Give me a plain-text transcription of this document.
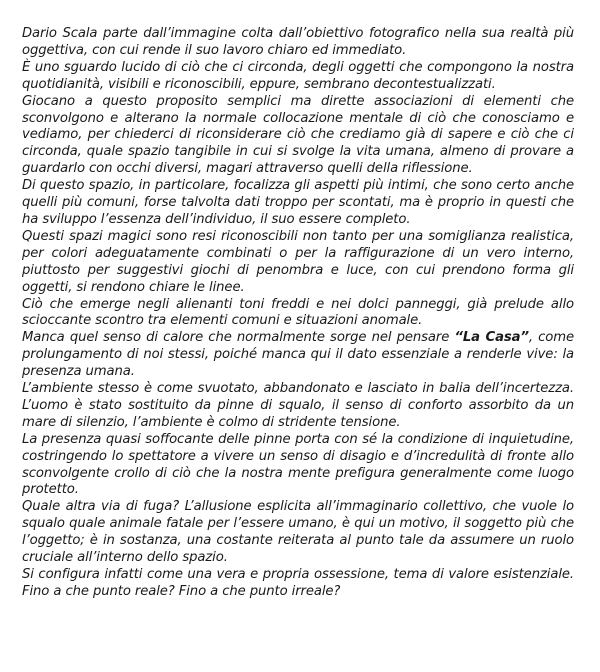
Dario Scala parte dall’immagine colta dall’obiettivo fotografico nella sua realtà più oggettiva, con cui rende il suo lavoro chiaro ed immediato.

È uno sguardo lucido di ciò che ci circonda, degli oggetti che compongono la nostra quotidianità, visibili e riconoscibili, eppure, sembrano decontestualizzati.

Giocano a questo proposito semplici ma dirette associazioni di elementi che sconvolgono e alterano la normale collocazione mentale di ciò che conosciamo e vediamo, per chiederci di riconsiderare ciò che crediamo già di sapere e ciò che ci circonda, quale spazio tangibile in cui si svolge la vita umana, almeno di provare a guardarlo con occhi diversi, magari attraverso quelli della riflessione.

Di questo spazio, in particolare, focalizza gli aspetti più intimi, che sono certo anche quelli più comuni, forse talvolta dati troppo per scontati, ma è proprio in questi che ha sviluppo l’essenza dell’individuo, il suo essere completo.

Questi spazi magici sono resi riconoscibili non tanto per una somiglianza realistica, per colori adeguatamente combinati o per la raffigurazione di un vero interno, piuttosto per suggestivi giochi di penombra e luce, con cui prendono forma gli oggetti, si rendono chiare le linee.

Ciò che emerge negli alienanti toni freddi e nei dolci panneggi, già prelude allo scioccante scontro tra elementi comuni e situazioni anomale.

Manca quel senso di calore che normalmente sorge nel pensare “La Casa”, come prolungamento di noi stessi, poiché manca qui il dato essenziale a renderle vive: la presenza umana.

L’ambiente stesso è come svuotato, abbandonato e lasciato in balia dell’incertezza. L’uomo è stato sostituito da pinne di squalo, il senso di conforto assorbito da un mare di silenzio, l’ambiente è colmo di stridente tensione.

La presenza quasi soffocante delle pinne porta con sé la condizione di inquietudine, costringendo lo spettatore a vivere un senso di disagio e d’incredulità di fronte allo sconvolgente crollo di ciò che la nostra mente prefigura generalmente come luogo protetto.

Quale altra via di fuga? L’allusione esplicita all’immaginario collettivo, che vuole lo squalo quale animale fatale per l’essere umano, è qui un motivo, il soggetto più che l’oggetto; è in sostanza, una costante reiterata al punto tale da assumere un ruolo cruciale all’interno dello spazio.

Si configura infatti come una vera e propria ossessione, tema di valore esistenziale. Fino a che punto reale? Fino a che punto irreale?
